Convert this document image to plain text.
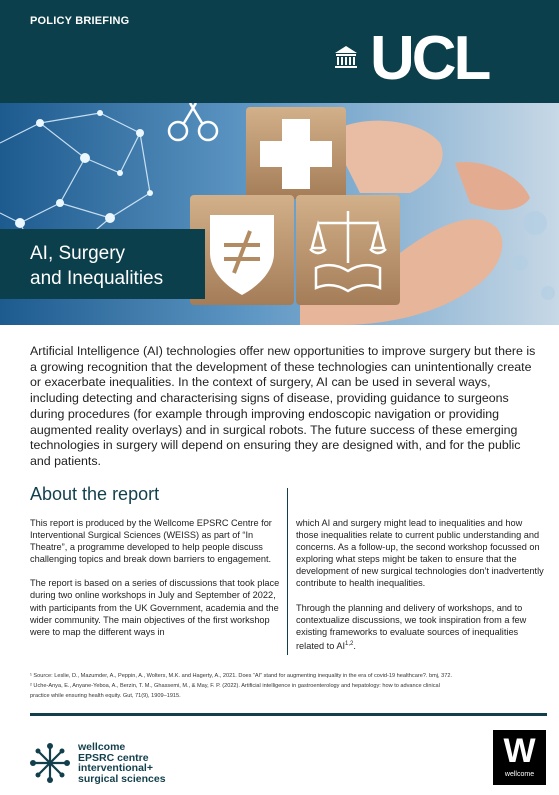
POLICY BRIEFING
UCL
AI, Surgery
and Inequalities

Artificial Intelligence (AI) technologies offer new opportunities to improve surgery but there is a growing recognition that the development of these technologies can unintentionally create or exacerbate inequalities. In the context of surgery, AI can be used in several ways, including detecting and characterising signs of disease, providing guidance to surgeons during procedures (for example through improving endoscopic navigation or providing augmented reality overlays) and in surgical robots. The future success of these emerging technologies in surgery will depend on ensuring they are designed with, and for the public and patients.

About the report

This report is produced by the Wellcome EPSRC Centre for Interventional Surgical Sciences (WEISS) as part of “In Theatre”, a programme developed to help people discuss challenging topics and break down barriers to engagement.

The report is based on a series of discussions that took place during two online workshops in July and September of 2022, with participants from the UK Government, academia and the wider community. The main objectives of the first workshop were to map the different ways in

which AI and surgery might lead to inequalities and how those inequalities relate to current public understanding and concerns. As a follow-up, the second workshop focussed on exploring what steps might be taken to ensure that the development of new surgical technologies don’t inadvertently contribute to health inequalities.

Through the planning and delivery of workshops, and to contextualize discussions, we took inspiration from a few existing frameworks to evaluate sources of inequalities related to AI$^{1,2}$.

¹ Source: Leslie, D., Mazumder, A., Peppin, A., Wolters, M.K. and Hagerty, A., 2021. Does “AI” stand for augmenting inequality in the era of covid-19 healthcare?. bmj, 372.
² Uche-Anya, E., Anyane-Yeboa, A., Berzin, T. M., Ghassemi, M., & May, F. P. (2022). Artificial intelligence in gastroenterology and hepatology: how to advance clinical
practice while ensuring health equity. Gut, 71(9), 1909–1915.
wellcome
EPSRC centre
interventional+
surgical sciences
W
wellcome
